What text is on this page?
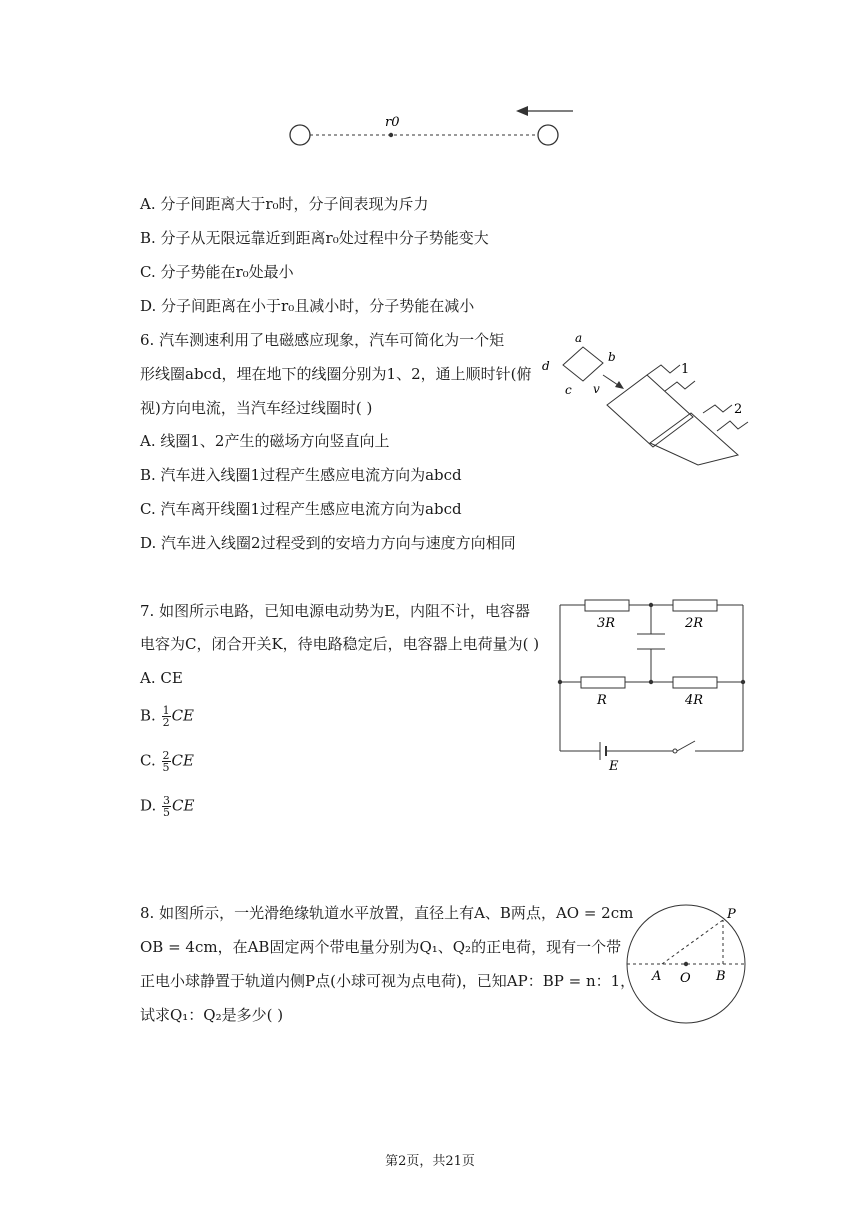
r0
A. 分子间距离大于r₀时，分子间表现为斥力
B. 分子从无限远靠近到距离r₀处过程中分子势能变大
C. 分子势能在r₀处最小
D. 分子间距离在小于r₀且减小时，分子势能在减小
6. 汽车测速利用了电磁感应现象，汽车可简化为一个矩
形线圈abcd，埋在地下的线圈分别为1、2，通上顺时针(俯
视)方向电流，当汽车经过线圈时( )
A. 线圈1、2产生的磁场方向竖直向上
B. 汽车进入线圈1过程产生感应电流方向为abcd
C. 汽车离开线圈1过程产生感应电流方向为abcd
D. 汽车进入线圈2过程受到的安培力方向与速度方向相同
a
b
c
d
v
1
2
7. 如图所示电路，已知电源电动势为E，内阻不计，电容器
电容为C，闭合开关K，待电路稳定后，电容器上电荷量为( )
A. CE
B. $\frac{1}{2}$ CE
C. $\frac{2}{5}$ CE
D. $\frac{3}{5}$ CE
3R	2R
R	4R
E
8. 如图所示，一光滑绝缘轨道水平放置，直径上有A、B两点，AO = 2cm
OB = 4cm，在AB固定两个带电量分别为Q₁、Q₂的正电荷，现有一个带
正电小球静置于轨道内侧P点(小球可视为点电荷)，已知AP：BP = n：1，
试求Q₁：Q₂是多少( )
P
A O B
第2页，共21页
